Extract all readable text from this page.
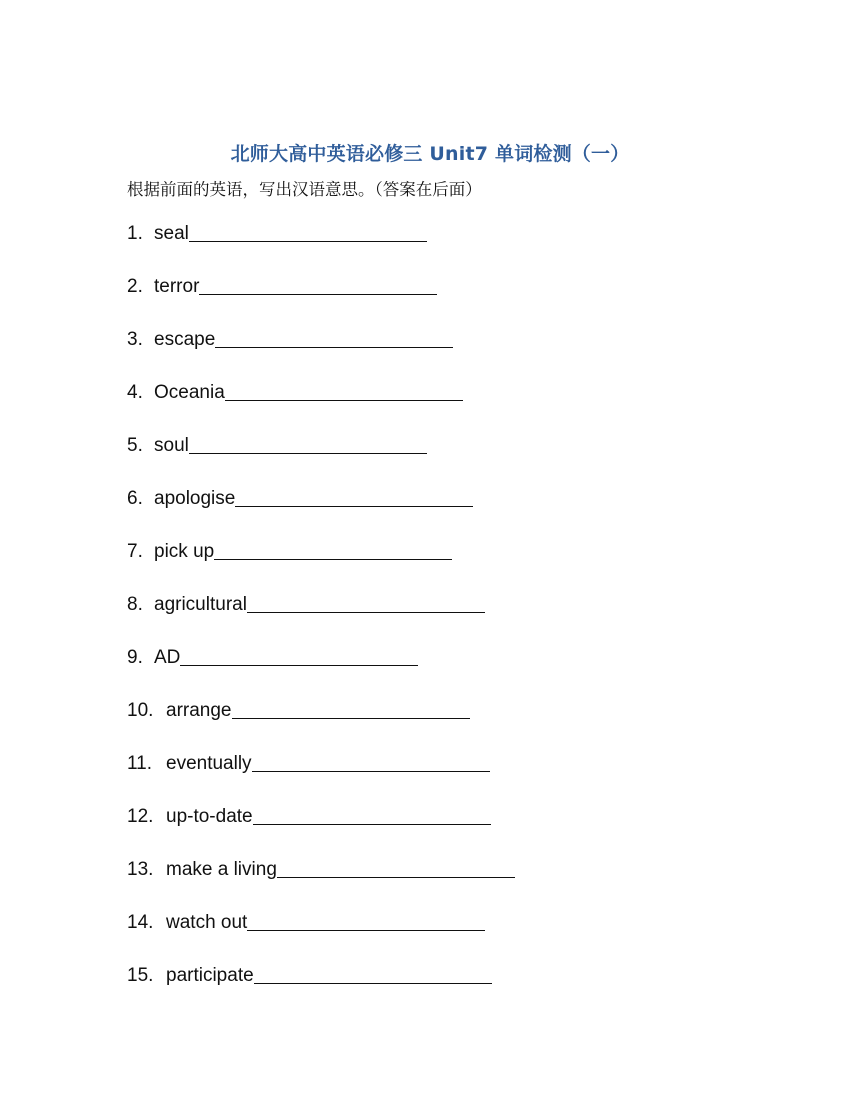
北师大高中英语必修三 Unit7 单词检测（一）
根据前面的英语，写出汉语意思。（答案在后面）
1. seal
2. terror
3. escape
4. Oceania
5. soul
6. apologise
7. pick up
8. agricultural
9. AD
10. arrange
11. eventually
12. up-to-date
13. make a living
14. watch out
15. participate
